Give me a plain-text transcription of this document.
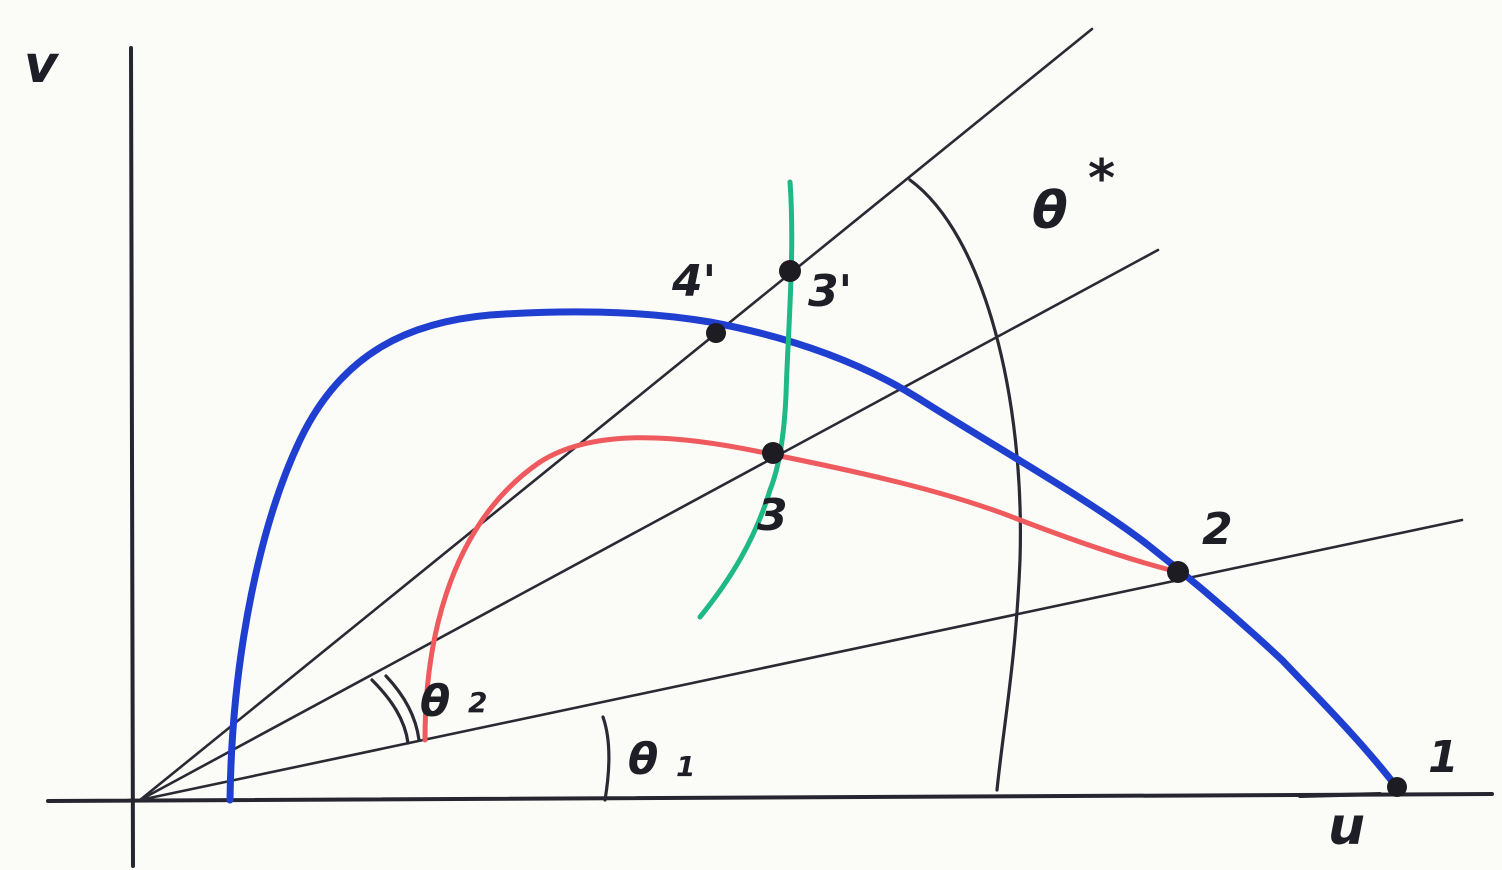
v
u
1
2
3
3'
4'
θ
*
θ 2
θ 1
